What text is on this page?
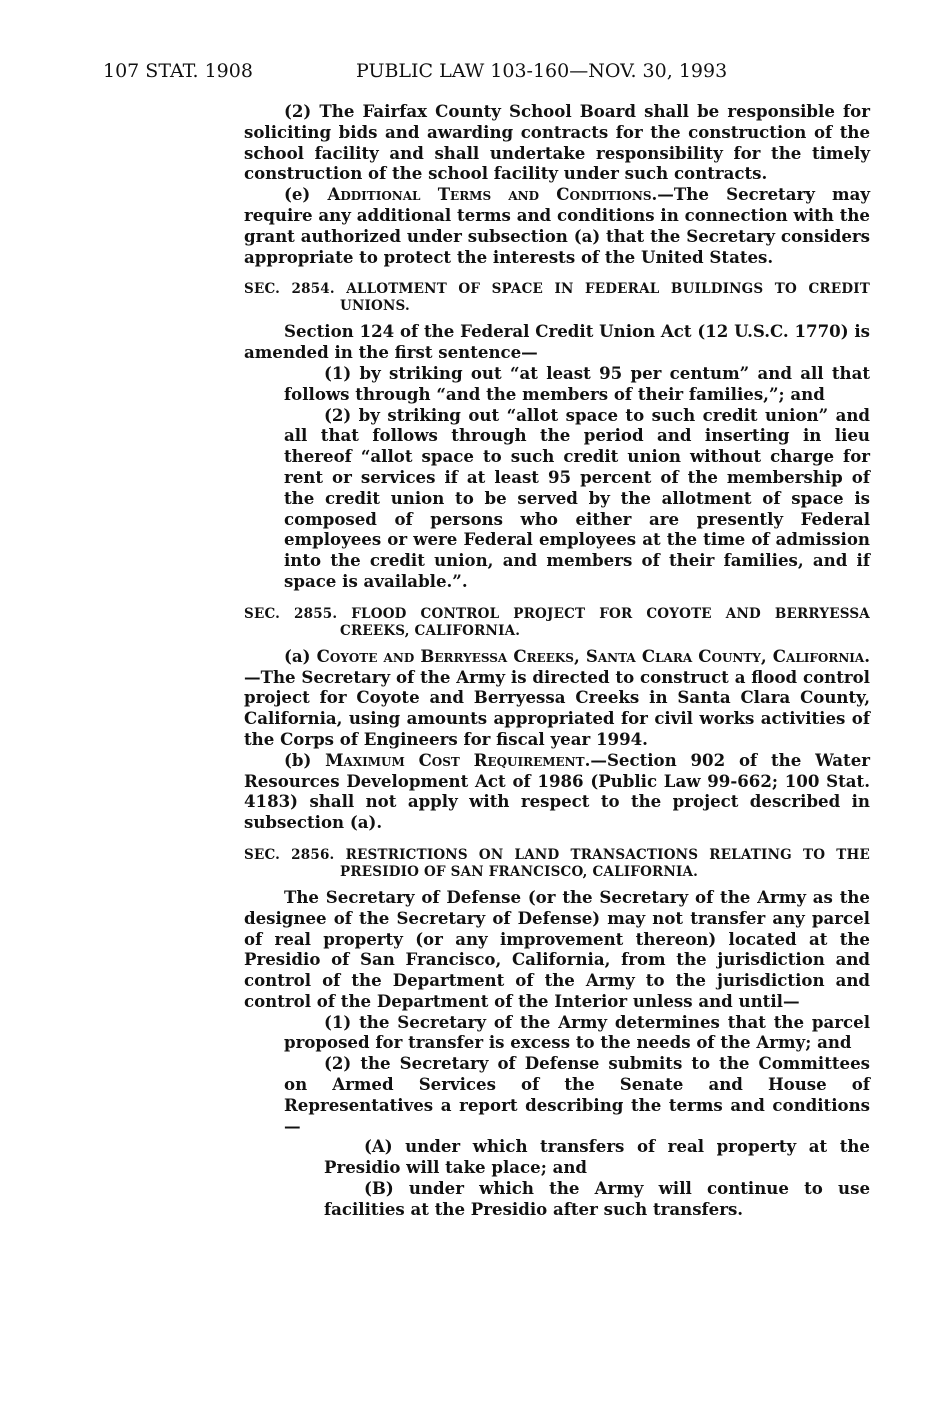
107 STAT. 1908	PUBLIC LAW 103-160—NOV. 30, 1993

(2) The Fairfax County School Board shall be responsible for soliciting bids and awarding contracts for the construction of the school facility and shall undertake responsibility for the timely construction of the school facility under such contracts.

(e) Additional Terms and Conditions.—The Secretary may require any additional terms and conditions in connection with the grant authorized under subsection (a) that the Secretary considers appropriate to protect the interests of the United States.

SEC. 2854. ALLOTMENT OF SPACE IN FEDERAL BUILDINGS TO CREDIT UNIONS.

Section 124 of the Federal Credit Union Act (12 U.S.C. 1770) is amended in the first sentence—

(1) by striking out “at least 95 per centum” and all that follows through “and the members of their families,”; and

(2) by striking out “allot space to such credit union” and all that follows through the period and inserting in lieu thereof “allot space to such credit union without charge for rent or services if at least 95 percent of the membership of the credit union to be served by the allotment of space is composed of persons who either are presently Federal employees or were Federal employees at the time of admission into the credit union, and members of their families, and if space is available.”.

SEC. 2855. FLOOD CONTROL PROJECT FOR COYOTE AND BERRYESSA CREEKS, CALIFORNIA.

(a) Coyote and Berryessa Creeks, Santa Clara County, California.—The Secretary of the Army is directed to construct a flood control project for Coyote and Berryessa Creeks in Santa Clara County, California, using amounts appropriated for civil works activities of the Corps of Engineers for fiscal year 1994.

(b) Maximum Cost Requirement.—Section 902 of the Water Resources Development Act of 1986 (Public Law 99-662; 100 Stat. 4183) shall not apply with respect to the project described in subsection (a).

SEC. 2856. RESTRICTIONS ON LAND TRANSACTIONS RELATING TO THE PRESIDIO OF SAN FRANCISCO, CALIFORNIA.

The Secretary of Defense (or the Secretary of the Army as the designee of the Secretary of Defense) may not transfer any parcel of real property (or any improvement thereon) located at the Presidio of San Francisco, California, from the jurisdiction and control of the Department of the Army to the jurisdiction and control of the Department of the Interior unless and until—

(1) the Secretary of the Army determines that the parcel proposed for transfer is excess to the needs of the Army; and

(2) the Secretary of Defense submits to the Committees on Armed Services of the Senate and House of Representatives a report describing the terms and conditions—

(A) under which transfers of real property at the Presidio will take place; and

(B) under which the Army will continue to use facilities at the Presidio after such transfers.
